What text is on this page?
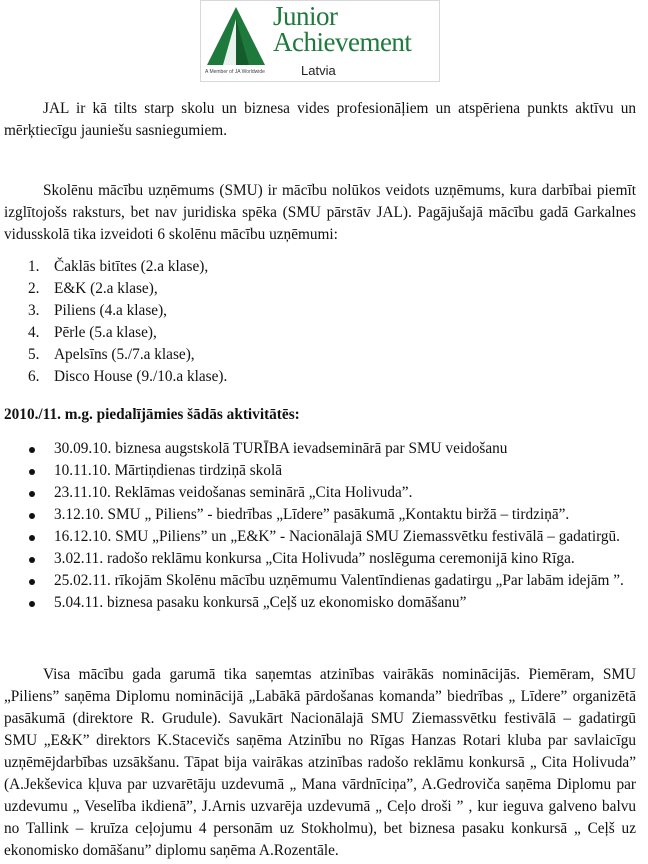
Junior
Achievement
A Member of JA Worldwide	Latvia

JAL ir kā tilts starp skolu un biznesa vides profesionāļiem un atspēriena punkts aktīvu un mērķtiecīgu jauniešu sasniegumiem.

Skolēnu mācību uzņēmums (SMU) ir mācību nolūkos veidots uzņēmums, kura darbībai piemīt izglītojošs raksturs, bet nav juridiska spēka (SMU pārstāv JAL). Pagājušajā mācību gadā Garkalnes vidusskolā tika izveidoti 6 skolēnu mācību uzņēmumi:

1. Čaklās bitītes (2.a klase),
2. E&K (2.a klase),
3. Piliens (4.a klase),
4. Pērle (5.a klase),
5. Apelsīns (5./7.a klase),
6. Disco House (9./10.a klase).

2010./11. m.g. piedalījāmies šādās aktivitātēs:

30.09.10. biznesa augstskolā TURĪBA ievadseminārā par SMU veidošanu
10.11.10. Mārtiņdienas tirdziņā skolā
23.11.10. Reklāmas veidošanas seminārā „Cita Holivuda”.
3.12.10. SMU „ Piliens” - biedrības „Līdere” pasākumā „Kontaktu biržā – tirdziņā”.
16.12.10. SMU „Piliens” un „E&K” - Nacionālajā SMU Ziemassvētku festivālā – gadatirgū.
3.02.11. radošo reklāmu konkursa „Cita Holivuda” noslēguma ceremonijā kino Rīga.
25.02.11. rīkojām Skolēnu mācību uzņēmumu Valentīndienas gadatirgu „Par labām idejām ”.
5.04.11. biznesa pasaku konkursā „Ceļš uz ekonomisko domāšanu”

Visa mācību gada garumā tika saņemtas atzinības vairākās nominācijās. Piemēram, SMU „Piliens” saņēma Diplomu nominācijā „Labākā pārdošanas komanda” biedrības „ Līdere” organizētā pasākumā (direktore R. Grudule). Savukārt Nacionālajā SMU Ziemassvētku festivālā – gadatirgū SMU „E&K” direktors K.Stacevičs saņēma Atzinību no Rīgas Hanzas Rotari kluba par savlaicīgu uzņēmējdarbības uzsākšanu. Tāpat bija vairākas atzinības radošo reklāmu konkursā „ Cita Holivuda” (A.Jekševica kļuva par uzvarētāju uzdevumā „ Mana vārdnīciņa”, A.Gedroviča saņēma Diplomu par uzdevumu „ Veselība ikdienā”, J.Arnis uzvarēja uzdevumā „ Ceļo droši ” , kur ieguva galveno balvu no Tallink – kruīza ceļojumu 4 personām uz Stokholmu), bet biznesa pasaku konkursā „ Ceļš uz ekonomisko domāšanu” diplomu saņēma A.Rozentāle.
